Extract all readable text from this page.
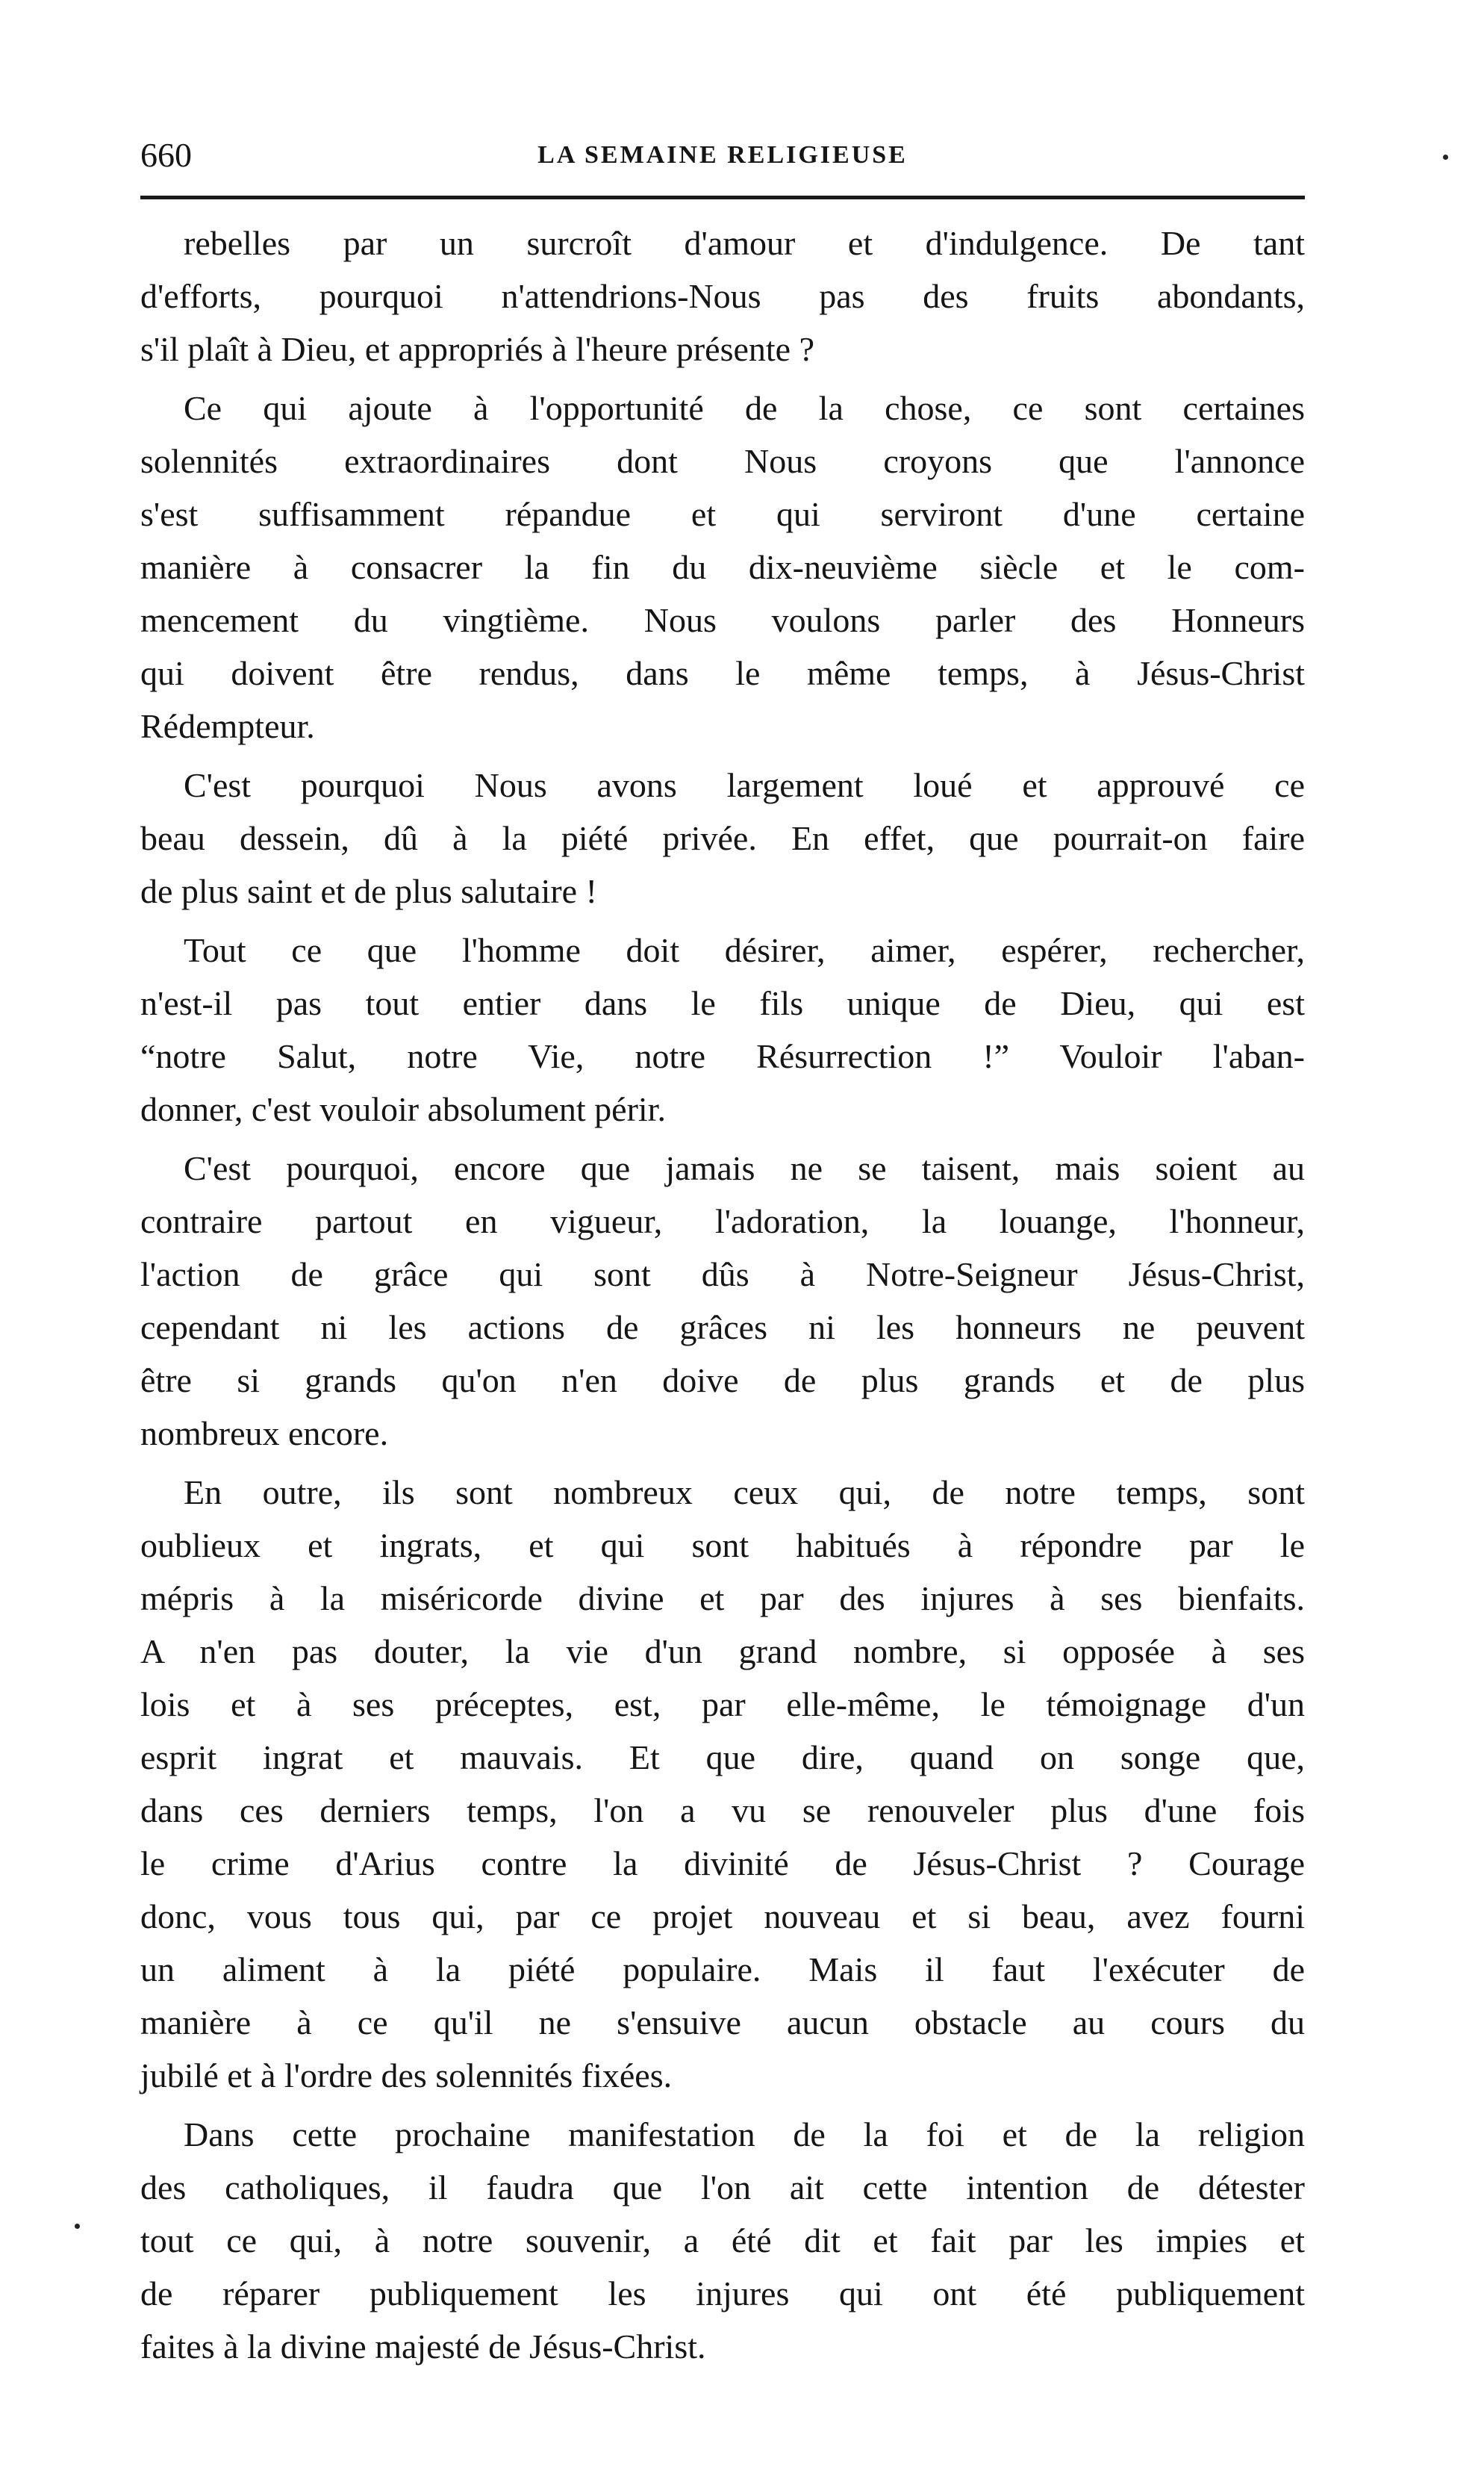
660	LA SEMAINE RELIGIEUSE
rebelles par un surcroît d'amour et d'indulgence. De tant
d'efforts, pourquoi n'attendrions-Nous pas des fruits abondants,
s'il plaît à Dieu, et appropriés à l'heure présente ?
Ce qui ajoute à l'opportunité de la chose, ce sont certaines
solennités extraordinaires dont Nous croyons que l'annonce
s'est suffisamment répandue et qui serviront d'une certaine
manière à consacrer la fin du dix-neuvième siècle et le com-
mencement du vingtième. Nous voulons parler des Honneurs
qui doivent être rendus, dans le même temps, à Jésus-Christ
Rédempteur.
C'est pourquoi Nous avons largement loué et approuvé ce
beau dessein, dû à la piété privée. En effet, que pourrait-on faire
de plus saint et de plus salutaire !
Tout ce que l'homme doit désirer, aimer, espérer, rechercher,
n'est-il pas tout entier dans le fils unique de Dieu, qui est
“notre Salut, notre Vie, notre Résurrection !” Vouloir l'aban-
donner, c'est vouloir absolument périr.
C'est pourquoi, encore que jamais ne se taisent, mais soient au
contraire partout en vigueur, l'adoration, la louange, l'honneur,
l'action de grâce qui sont dûs à Notre-Seigneur Jésus-Christ,
cependant ni les actions de grâces ni les honneurs ne peuvent
être si grands qu'on n'en doive de plus grands et de plus
nombreux encore.
En outre, ils sont nombreux ceux qui, de notre temps, sont
oublieux et ingrats, et qui sont habitués à répondre par le
mépris à la miséricorde divine et par des injures à ses bienfaits.
A n'en pas douter, la vie d'un grand nombre, si opposée à ses
lois et à ses préceptes, est, par elle-même, le témoignage d'un
esprit ingrat et mauvais. Et que dire, quand on songe que,
dans ces derniers temps, l'on a vu se renouveler plus d'une fois
le crime d'Arius contre la divinité de Jésus-Christ ? Courage
donc, vous tous qui, par ce projet nouveau et si beau, avez fourni
un aliment à la piété populaire. Mais il faut l'exécuter de
manière à ce qu'il ne s'ensuive aucun obstacle au cours du
jubilé et à l'ordre des solennités fixées.
Dans cette prochaine manifestation de la foi et de la religion
des catholiques, il faudra que l'on ait cette intention de détester
tout ce qui, à notre souvenir, a été dit et fait par les impies et
de réparer publiquement les injures qui ont été publiquement
faites à la divine majesté de Jésus-Christ.
